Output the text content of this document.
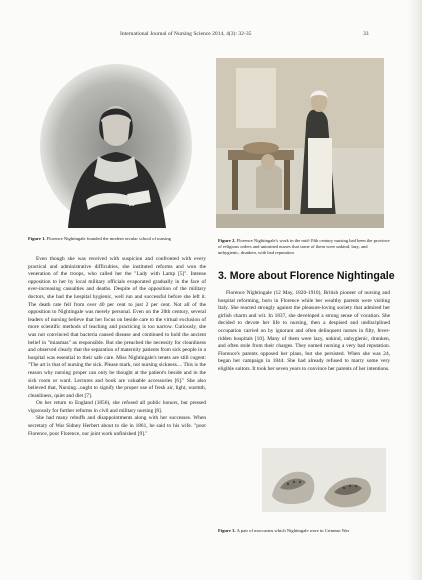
International Journal of Nursing Science 2014, 4(3): 32-35	33
Figure 1. Florence Nightingale founded the modern secular school of nursing	Figure 2. Florence Nightingale's work in the mid-19th century nursing had been the province of religious orders and untrained nurses that some of them were unkind, lazy, and unhygienic, drunken, with bad reputation

Even though she was received with suspicion and confronted with every practical and administrative difficulties, she instituted reforms and won the veneration of the troops, who called her the "Lady with Lamp [5]". Intense opposition to her by local military officials evaporated gradually in the face of ever-increasing casualties and deaths. Despite of the opposition of the military doctors, she had the hospital hygienic, well run and successful before she left it. The death rate fell from over 40 per cent to just 2 per cent. Not all of the opposition to Nightingale was merely personal. Even on the 20th century, several leaders of nursing believe that her focus on beside care to the virtual exclusion of more scientific methods of teaching and practicing is too narrow. Curiously, she was not convinced that bacteria caused disease and continued to hold the ancient belief in "miasmas" as responsible. But she preached the necessity for cleanliness and observed clearly that the separation of maternity patients from sick people in a hospital was essential to their safe care. Miss Nightingale's tenets are still cogent: "The art is that of nursing the sick. Please mark, not nursing sickness.... This is the reason why nursing proper can only be thought at the patient's beside and in the sick room or ward. Lectures and book are valuable accessories [6]." She also believed that, Nursing...ought to signify the proper use of fresh air, light, warmth, cleanliness, quiet and diet [7].

On her return to England (1856), she refused all public honors, but pressed vigorously for further reforms in civil and military nursing [8].

She had many rebuffs and disappointments along with her successes. When secretary of War Sidney Herbert about to die in 1861, he said to his wife. "poor Florence, poor Florence, our joint work unfinished [9]."

3. More about Florence Nightingale

Florence Nightingale (12 May, 1820-1910), British pioneer of nursing and hospital reforming, born in Florence while her wealthy parents were visiting Italy. She reacted strongly against the pleasure-loving society that admired her girlish charm and wit. In 1837, she developed a strong sense of vocation. She decided to devote her life to nursing, then a despised and undisciplined occupation carried on by ignorant and often delinquent nurses in filty, fever-ridden hospitals [10]. Many of them were lazy, unkind, unhygienic, drunken, and often stole from their charges. They earned nursing a very bad reputation. Florence's parents opposed her plans, but she persisted. When she was 24, began her campaign in 1844. She had already refused to marry some very eligible suitors. It took her seven years to convince her parents of her intentions.

Figure 3. A pair of moccasins which Nightingale wore in Crimean War
